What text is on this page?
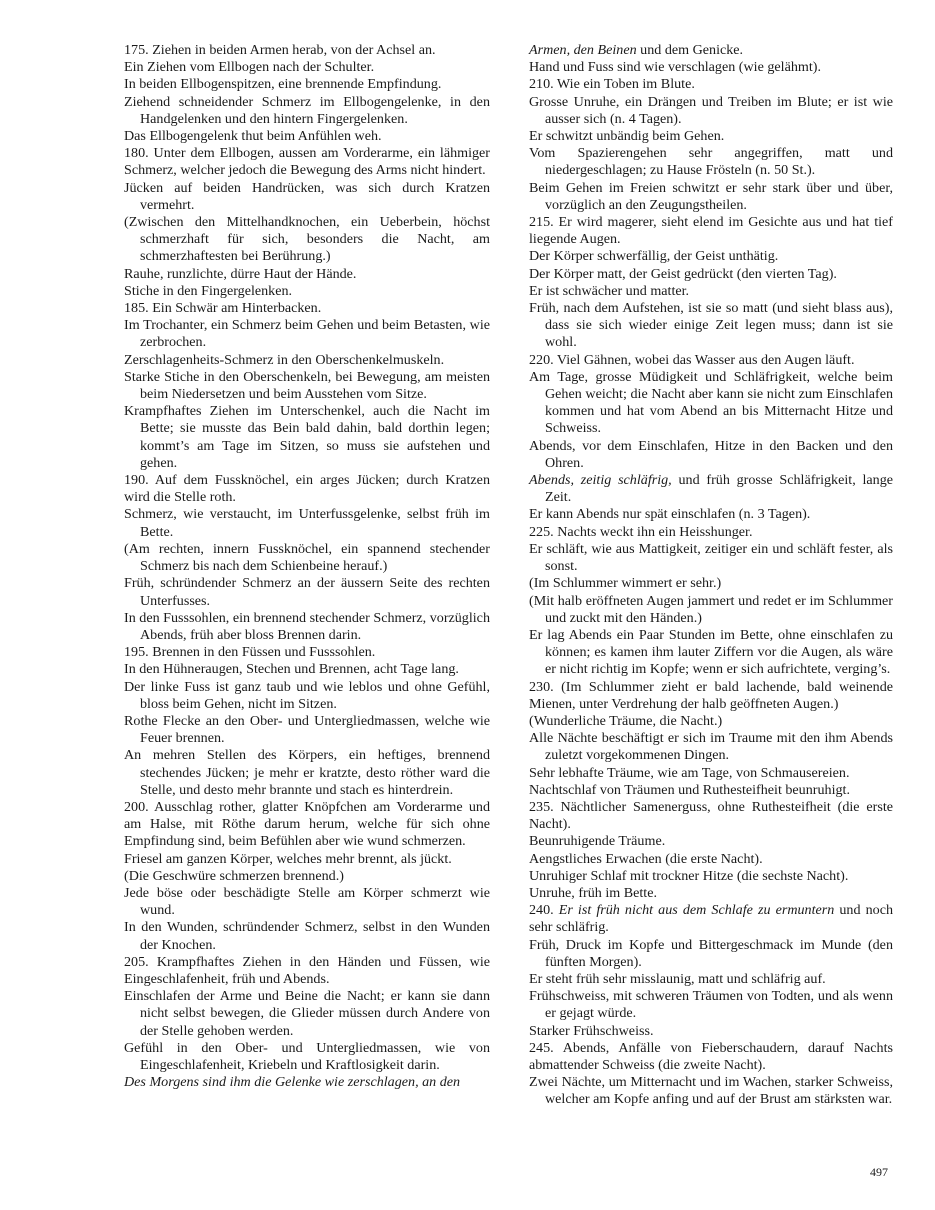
175. Ziehen in beiden Armen herab, von der Achsel an.

Ein Ziehen vom Ellbogen nach der Schulter.

In beiden Ellbogenspitzen, eine brennende Empfindung.

Ziehend schneidender Schmerz im Ellbogengelenke, in den Handgelenken und den hintern Fingergelenken.

Das Ellbogengelenk thut beim Anfühlen weh.

180. Unter dem Ellbogen, aussen am Vorderarme, ein lähmiger Schmerz, welcher jedoch die Bewegung des Arms nicht hindert.

Jücken auf beiden Handrücken, was sich durch Kratzen vermehrt.

(Zwischen den Mittelhandknochen, ein Ueberbein, höchst schmerzhaft für sich, besonders die Nacht, am schmerzhaftesten bei Berührung.)

Rauhe, runzlichte, dürre Haut der Hände.

Stiche in den Fingergelenken.

185. Ein Schwär am Hinterbacken.

Im Trochanter, ein Schmerz beim Gehen und beim Betasten, wie zerbrochen.

Zerschlagenheits-Schmerz in den Oberschenkelmuskeln.

Starke Stiche in den Oberschenkeln, bei Bewegung, am meisten beim Niedersetzen und beim Ausstehen vom Sitze.

Krampfhaftes Ziehen im Unterschenkel, auch die Nacht im Bette; sie musste das Bein bald dahin, bald dorthin legen; kommt’s am Tage im Sitzen, so muss sie aufstehen und gehen.

190. Auf dem Fussknöchel, ein arges Jücken; durch Kratzen wird die Stelle roth.

Schmerz, wie verstaucht, im Unterfussgelenke, selbst früh im Bette.

(Am rechten, innern Fussknöchel, ein spannend stechender Schmerz bis nach dem Schienbeine herauf.)

Früh, schründender Schmerz an der äussern Seite des rechten Unterfusses.

In den Fusssohlen, ein brennend stechender Schmerz, vorzüglich Abends, früh aber bloss Brennen darin.

195. Brennen in den Füssen und Fusssohlen.

In den Hühneraugen, Stechen und Brennen, acht Tage lang.

Der linke Fuss ist ganz taub und wie leblos und ohne Gefühl, bloss beim Gehen, nicht im Sitzen.

Rothe Flecke an den Ober- und Untergliedmassen, welche wie Feuer brennen.

An mehren Stellen des Körpers, ein heftiges, brennend stechendes Jücken; je mehr er kratzte, desto röther ward die Stelle, und desto mehr brannte und stach es hinterdrein.

200. Ausschlag rother, glatter Knöpfchen am Vorderarme und am Halse, mit Röthe darum herum, welche für sich ohne Empfindung sind, beim Befühlen aber wie wund schmerzen.

Friesel am ganzen Körper, welches mehr brennt, als jückt.

(Die Geschwüre schmerzen brennend.)

Jede böse oder beschädigte Stelle am Körper schmerzt wie wund.

In den Wunden, schründender Schmerz, selbst in den Wunden der Knochen.

205. Krampfhaftes Ziehen in den Händen und Füssen, wie Eingeschlafenheit, früh und Abends.

Einschlafen der Arme und Beine die Nacht; er kann sie dann nicht selbst bewegen, die Glieder müssen durch Andere von der Stelle gehoben werden.

Gefühl in den Ober- und Untergliedmassen, wie von Eingeschlafenheit, Kriebeln und Kraftlosigkeit darin.

Des Morgens sind ihm die Gelenke wie zerschlagen, an den

Armen, den Beinen und dem Genicke.

Hand und Fuss sind wie verschlagen (wie gelähmt).

210. Wie ein Toben im Blute.

Grosse Unruhe, ein Drängen und Treiben im Blute; er ist wie ausser sich (n. 4 Tagen).

Er schwitzt unbändig beim Gehen.

Vom Spazierengehen sehr angegriffen, matt und niedergeschlagen; zu Hause Frösteln (n. 50 St.).

Beim Gehen im Freien schwitzt er sehr stark über und über, vorzüglich an den Zeugungstheilen.

215. Er wird magerer, sieht elend im Gesichte aus und hat tief liegende Augen.

Der Körper schwerfällig, der Geist unthätig.

Der Körper matt, der Geist gedrückt (den vierten Tag).

Er ist schwächer und matter.

Früh, nach dem Aufstehen, ist sie so matt (und sieht blass aus), dass sie sich wieder einige Zeit legen muss; dann ist sie wohl.

220. Viel Gähnen, wobei das Wasser aus den Augen läuft.

Am Tage, grosse Müdigkeit und Schläfrigkeit, welche beim Gehen weicht; die Nacht aber kann sie nicht zum Einschlafen kommen und hat vom Abend an bis Mitternacht Hitze und Schweiss.

Abends, vor dem Einschlafen, Hitze in den Backen und den Ohren.

Abends, zeitig schläfrig, und früh grosse Schläfrigkeit, lange Zeit.

Er kann Abends nur spät einschlafen (n. 3 Tagen).

225. Nachts weckt ihn ein Heisshunger.

Er schläft, wie aus Mattigkeit, zeitiger ein und schläft fester, als sonst.

(Im Schlummer wimmert er sehr.)

(Mit halb eröffneten Augen jammert und redet er im Schlummer und zuckt mit den Händen.)

Er lag Abends ein Paar Stunden im Bette, ohne einschlafen zu können; es kamen ihm lauter Ziffern vor die Augen, als wäre er nicht richtig im Kopfe; wenn er sich aufrichtete, verging’s.

230. (Im Schlummer zieht er bald lachende, bald weinende Mienen, unter Verdrehung der halb geöffneten Augen.)

(Wunderliche Träume, die Nacht.)

Alle Nächte beschäftigt er sich im Traume mit den ihm Abends zuletzt vorgekommenen Dingen.

Sehr lebhafte Träume, wie am Tage, von Schmausereien.

Nachtschlaf von Träumen und Ruthesteifheit beunruhigt.

235. Nächtlicher Samenerguss, ohne Ruthesteifheit (die erste Nacht).

Beunruhigende Träume.

Aengstliches Erwachen (die erste Nacht).

Unruhiger Schlaf mit trockner Hitze (die sechste Nacht).

Unruhe, früh im Bette.

240. Er ist früh nicht aus dem Schlafe zu ermuntern und noch sehr schläfrig.

Früh, Druck im Kopfe und Bittergeschmack im Munde (den fünften Morgen).

Er steht früh sehr misslaunig, matt und schläfrig auf.

Frühschweiss, mit schweren Träumen von Todten, und als wenn er gejagt würde.

Starker Frühschweiss.

245. Abends, Anfälle von Fieberschaudern, darauf Nachts abmattender Schweiss (die zweite Nacht).

Zwei Nächte, um Mitternacht und im Wachen, starker Schweiss, welcher am Kopfe anfing und auf der Brust am stärksten war.

497
